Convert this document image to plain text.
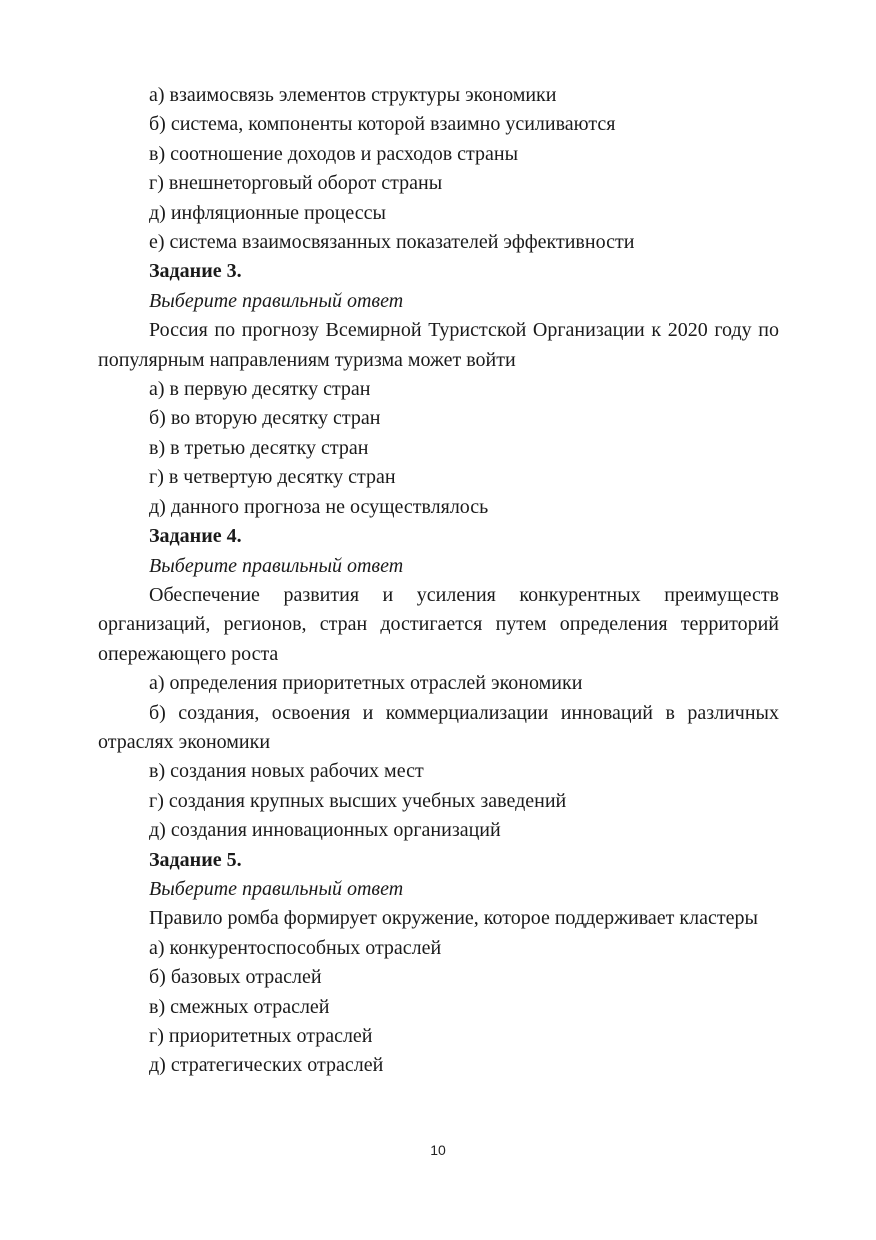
а) взаимосвязь элементов структуры экономики

б) система, компоненты которой взаимно усиливаются

в) соотношение доходов и расходов страны

г) внешнеторговый оборот страны

д) инфляционные процессы

е) система взаимосвязанных показателей эффективности

Задание 3.

Выберите правильный ответ

Россия по прогнозу Всемирной Туристской Организации к 2020 году по популярным направлениям туризма может войти

а) в первую десятку стран

б) во вторую десятку стран

в) в третью десятку стран

г) в четвертую десятку стран

д) данного прогноза не осуществлялось

Задание 4.

Выберите правильный ответ

Обеспечение развития и усиления конкурентных преимуществ организаций, регионов, стран достигается путем определения территорий опережающего роста

а) определения приоритетных отраслей экономики

б) создания, освоения и коммерциализации инноваций в различных отраслях экономики

в) создания новых рабочих мест

г) создания крупных высших учебных заведений

д) создания инновационных организаций

Задание 5.

Выберите правильный ответ

Правило ромба формирует окружение, которое поддерживает кластеры

а) конкурентоспособных отраслей

б) базовых отраслей

в) смежных отраслей

г) приоритетных отраслей

д) стратегических отраслей

10
